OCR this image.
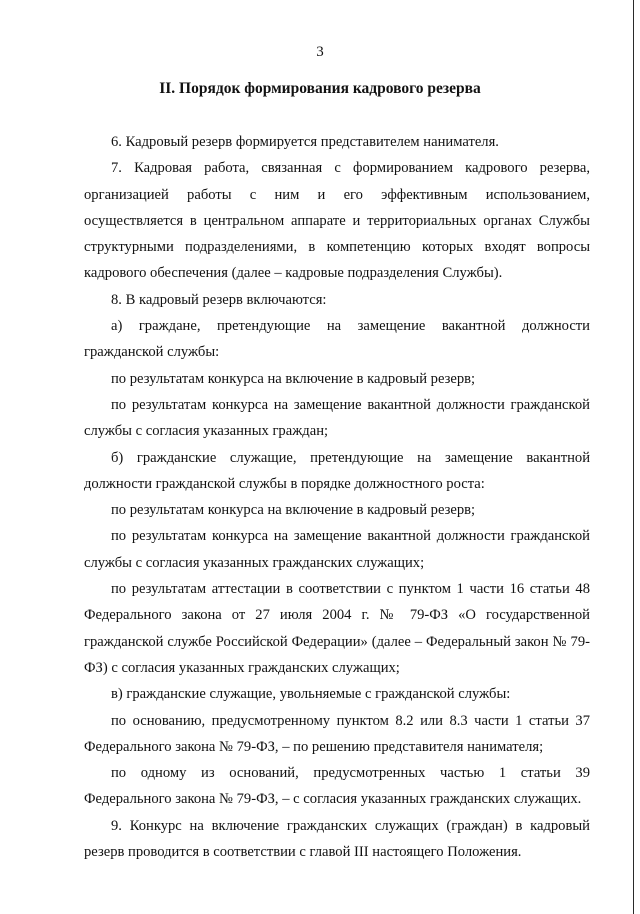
3
II. Порядок формирования кадрового резерва

6. Кадровый резерв формируется представителем нанимателя.

7. Кадровая работа, связанная с формированием кадрового резерва, организацией работы с ним и его эффективным использованием, осуществляется в центральном аппарате и территориальных органах Службы структурными подразделениями, в компетенцию которых входят вопросы кадрового обеспечения (далее – кадровые подразделения Службы).

8. В кадровый резерв включаются:

а) граждане, претендующие на замещение вакантной должности гражданской службы:

по результатам конкурса на включение в кадровый резерв;

по результатам конкурса на замещение вакантной должности гражданской службы с согласия указанных граждан;

б) гражданские служащие, претендующие на замещение вакантной должности гражданской службы в порядке должностного роста:

по результатам конкурса на включение в кадровый резерв;

по результатам конкурса на замещение вакантной должности гражданской службы с согласия указанных гражданских служащих;

по результатам аттестации в соответствии с пунктом 1 части 16 статьи 48 Федерального закона от 27 июля 2004 г. № 79-ФЗ «О государственной гражданской службе Российской Федерации» (далее – Федеральный закон № 79-ФЗ) с согласия указанных гражданских служащих;

в) гражданские служащие, увольняемые с гражданской службы:

по основанию, предусмотренному пунктом 8.2 или 8.3 части 1 статьи 37 Федерального закона № 79-ФЗ, – по решению представителя нанимателя;

по одному из оснований, предусмотренных частью 1 статьи 39 Федерального закона № 79-ФЗ, – с согласия указанных гражданских служащих.

9. Конкурс на включение гражданских служащих (граждан) в кадровый резерв проводится в соответствии с главой III настоящего Положения.
